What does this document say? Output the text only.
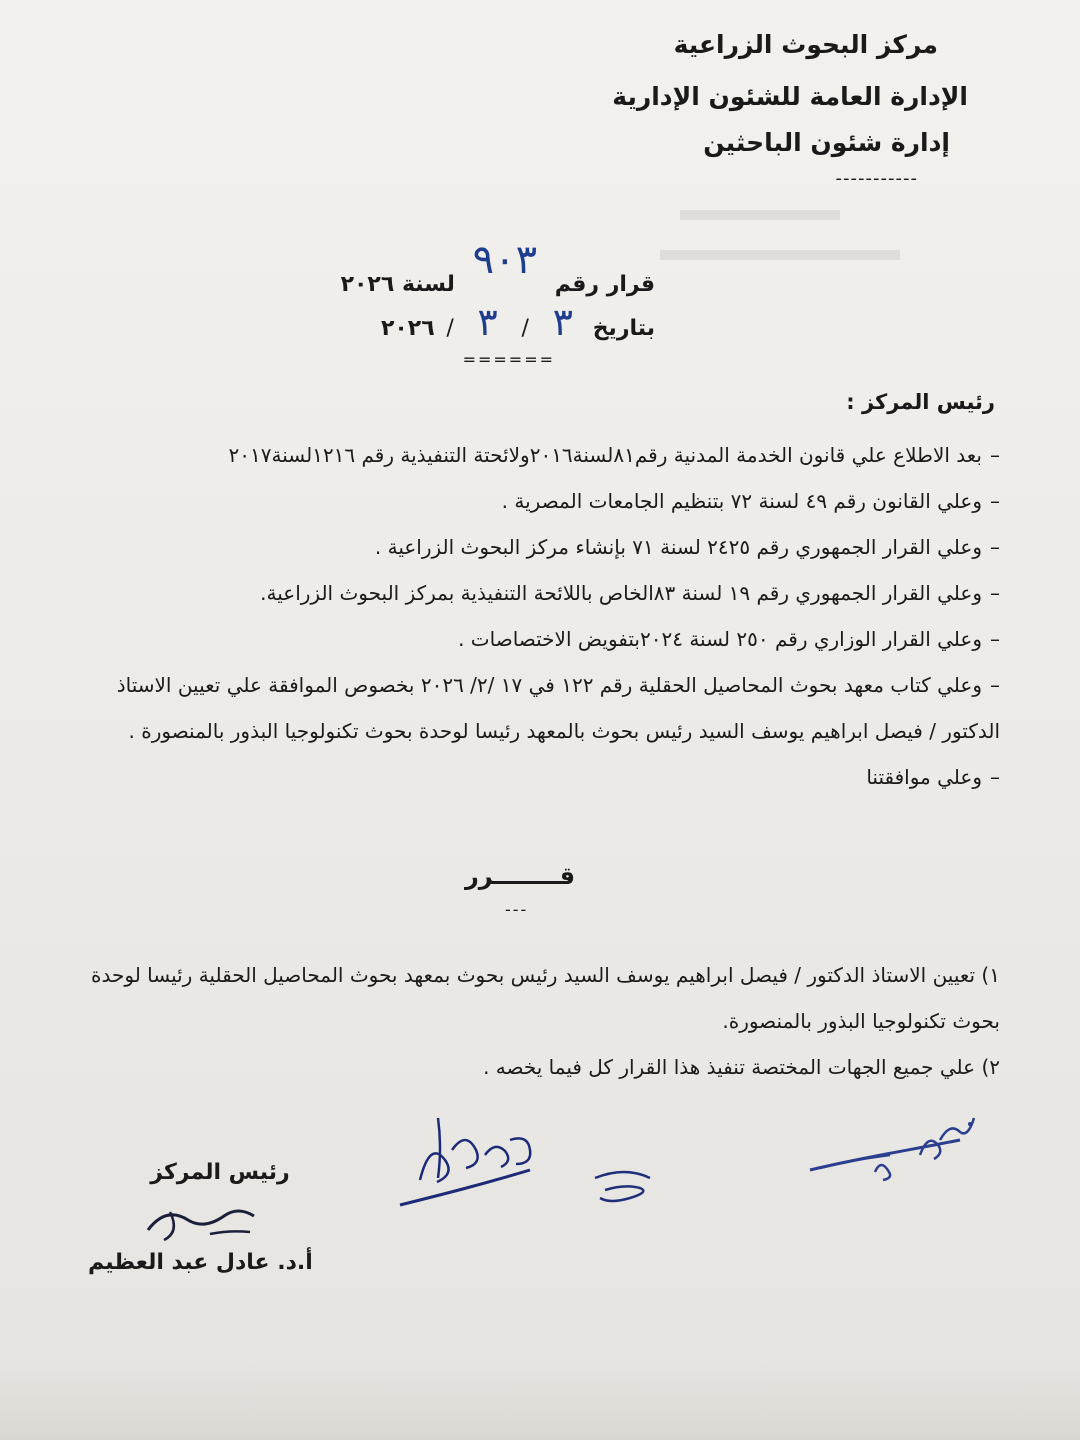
مركز البحوث الزراعية
الإدارة العامة للشئون الإدارية
إدارة شئون الباحثين
-----------
قرار رقم ٩٠٣ لسنة ٢٠٢٦
بتاريخ ٣ / ٣ / ٢٠٢٦
======
رئيس المركز :
–بعد الاطلاع علي قانون الخدمة المدنية رقم٨١لسنة٢٠١٦ولائحتة التنفيذية رقم ١٢١٦لسنة٢٠١٧
–وعلي القانون رقم ٤٩ لسنة ٧٢ بتنظيم الجامعات المصرية .
–وعلي القرار الجمهوري رقم ٢٤٢٥ لسنة ٧١ بإنشاء مركز البحوث الزراعية .
–وعلي القرار الجمهوري رقم ١٩ لسنة ٨٣الخاص باللائحة التنفيذية بمركز البحوث الزراعية.
–وعلي القرار الوزاري رقم ٢٥٠ لسنة ٢٠٢٤بتفويض الاختصاصات .
–وعلي كتاب معهد بحوث المحاصيل الحقلية رقم ١٢٢ في ١٧ /٢/ ٢٠٢٦ بخصوص الموافقة علي تعيين الاستاذ الدكتور / فيصل ابراهيم يوسف السيد رئيس بحوث بالمعهد رئيسا لوحدة بحوث تكنولوجيا البذور بالمنصورة .
–وعلي موافقتنا
قــــــــرر
---
١) تعيين الاستاذ الدكتور / فيصل ابراهيم يوسف السيد رئيس بحوث بمعهد بحوث المحاصيل الحقلية رئيسا لوحدة بحوث تكنولوجيا البذور بالمنصورة.
٢) علي جميع الجهات المختصة تنفيذ هذا القرار كل فيما يخصه .
رئيس المركز
أ.د. عادل عبد العظيم
